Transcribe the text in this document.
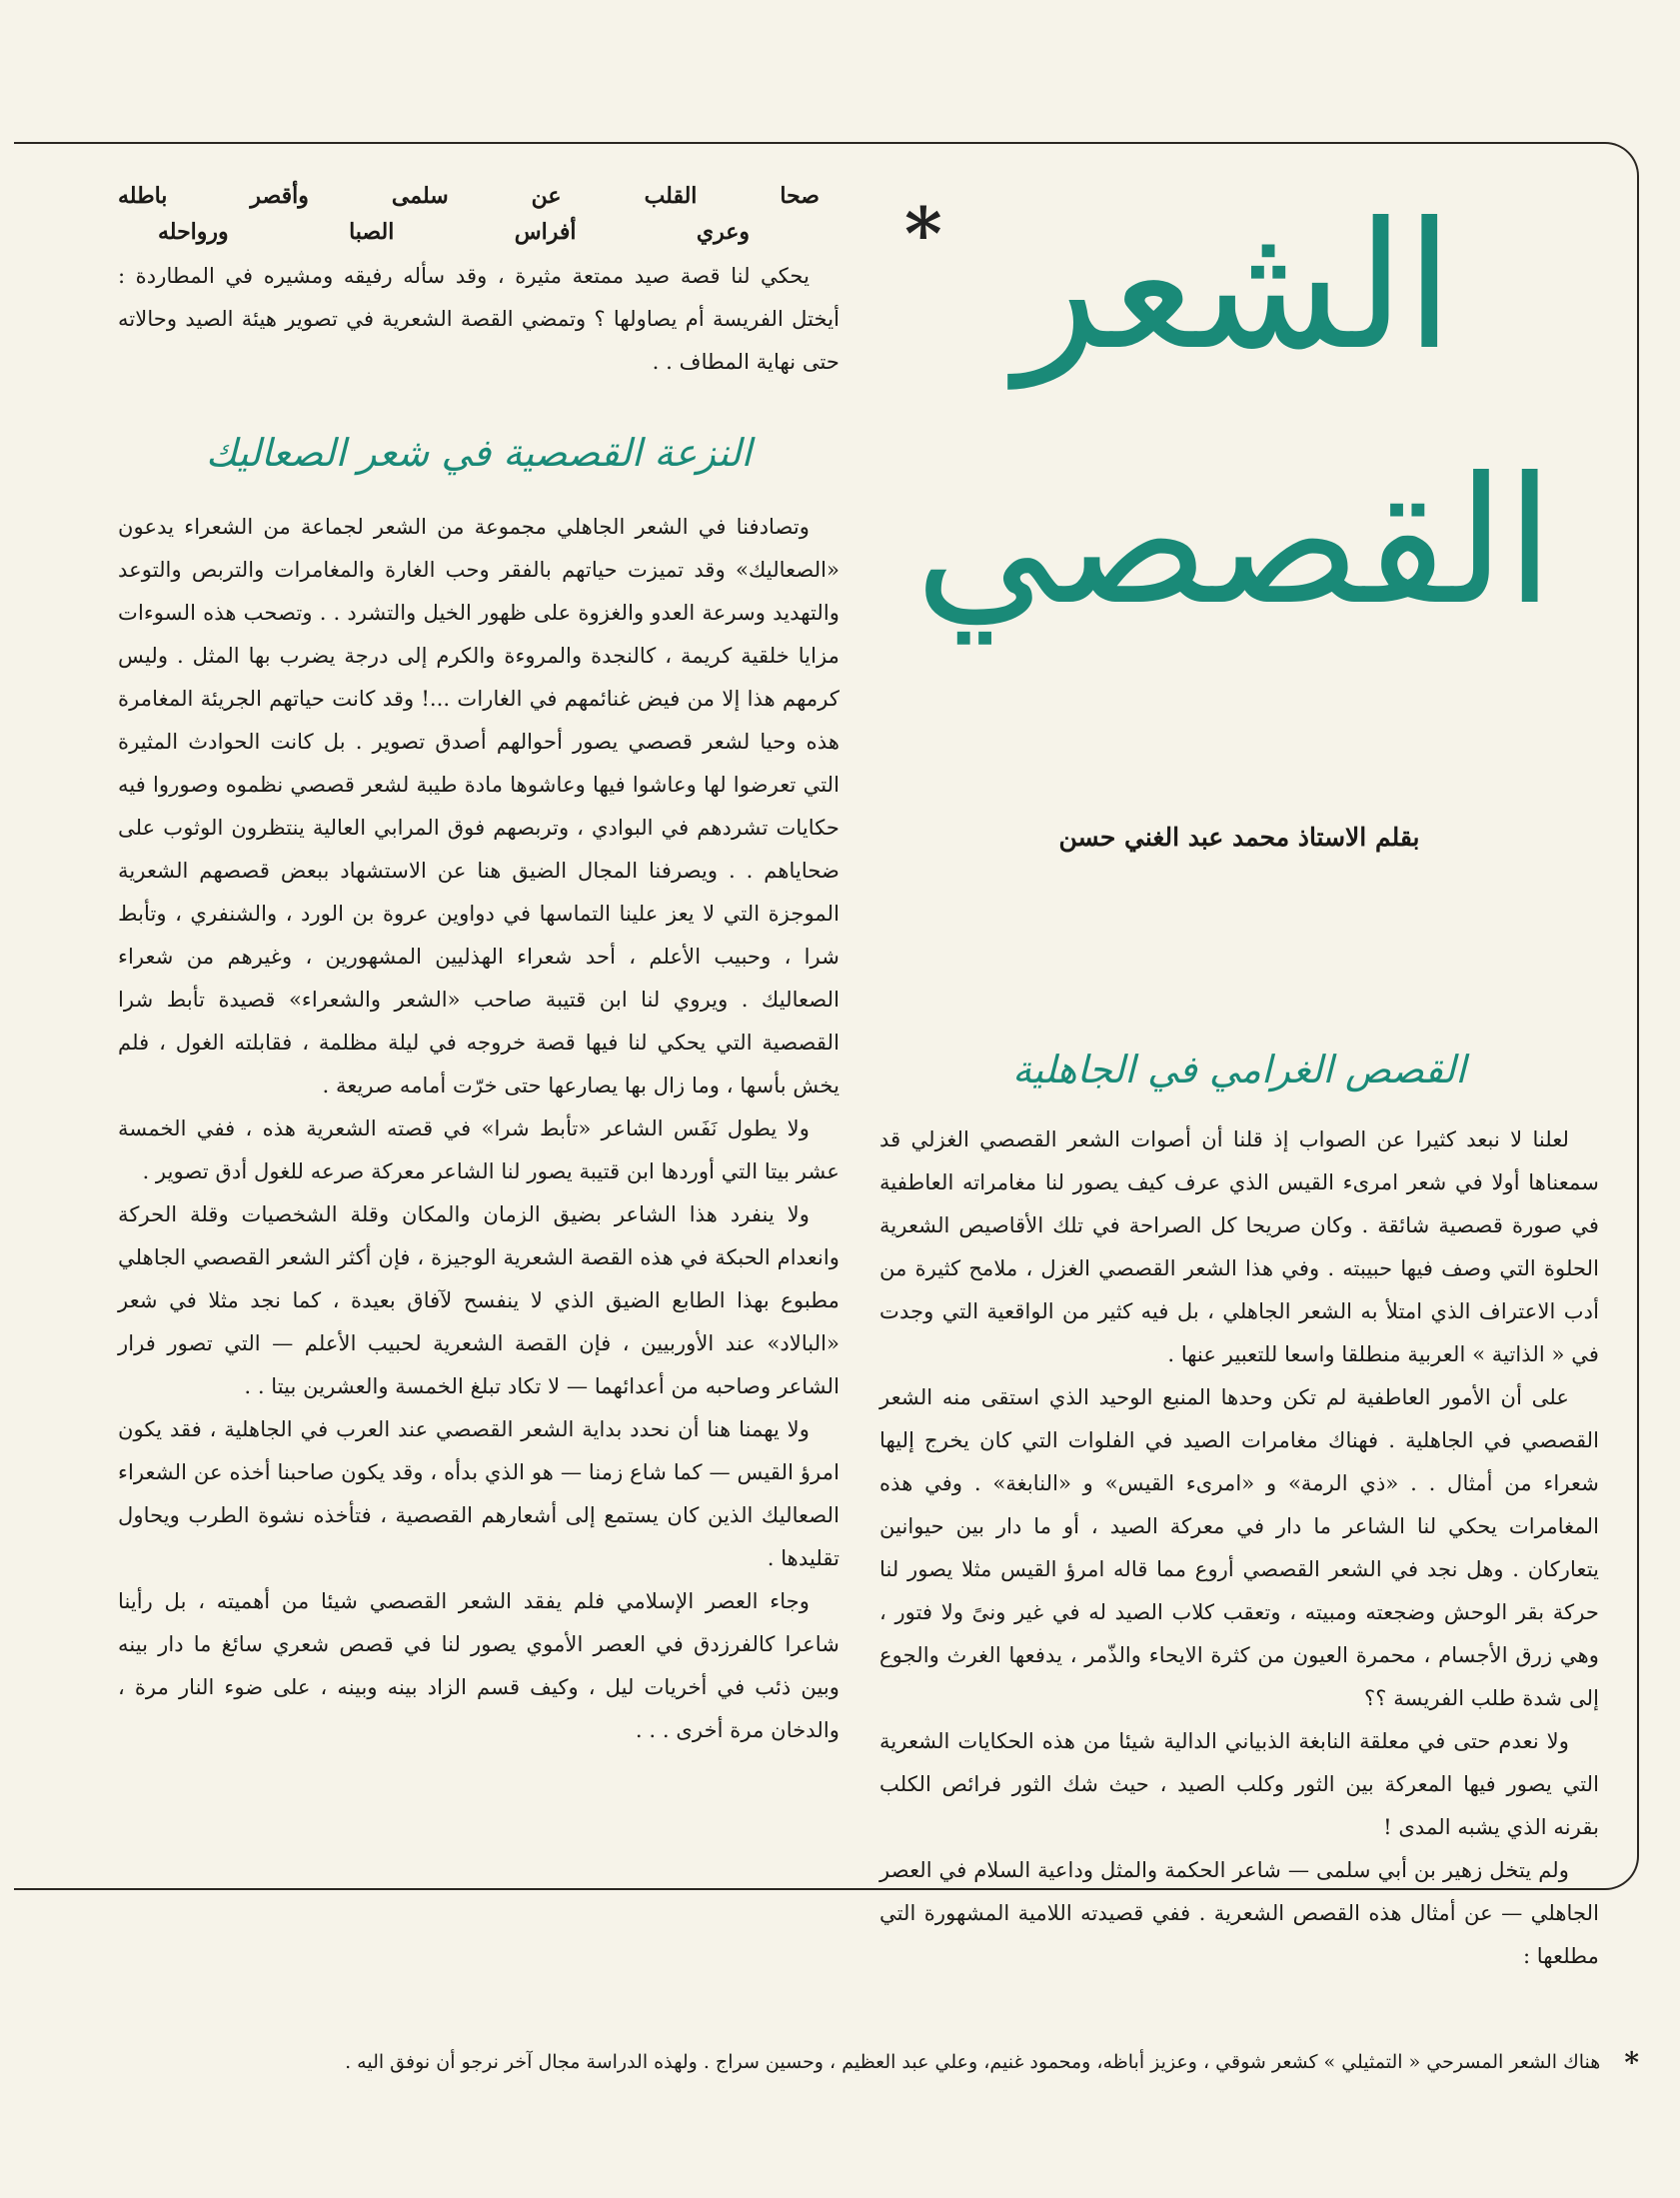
صحا القلب عن سلمى وأقصر باطله
وعري أفراس الصبا ورواحله

يحكي لنا قصة صيد ممتعة مثيرة ، وقد سأله رفيقه ومشيره في المطاردة : أيختل الفريسة أم يصاولها ؟ وتمضي القصة الشعرية في تصوير هيئة الصيد وحالاته حتى نهاية المطاف . .

النزعة القصصية في شعر الصعاليك

وتصادفنا في الشعر الجاهلي مجموعة من الشعر لجماعة من الشعراء يدعون «الصعاليك» وقد تميزت حياتهم بالفقر وحب الغارة والمغامرات والتربص والتوعد والتهديد وسرعة العدو والغزوة على ظهور الخيل والتشرد . . وتصحب هذه السوءات مزايا خلقية كريمة ، كالنجدة والمروءة والكرم إلى درجة يضرب بها المثل . وليس كرمهم هذا إلا من فيض غنائمهم في الغارات ...! وقد كانت حياتهم الجريئة المغامرة هذه وحيا لشعر قصصي يصور أحوالهم أصدق تصوير . بل كانت الحوادث المثيرة التي تعرضوا لها وعاشوا فيها وعاشوها مادة طيبة لشعر قصصي نظموه وصوروا فيه حكايات تشردهم في البوادي ، وتربصهم فوق المرابي العالية ينتظرون الوثوب على ضحاياهم . . ويصرفنا المجال الضيق هنا عن الاستشهاد ببعض قصصهم الشعرية الموجزة التي لا يعز علينا التماسها في دواوين عروة بن الورد ، والشنفري ، وتأبط شرا ، وحبيب الأعلم ، أحد شعراء الهذليين المشهورين ، وغيرهم من شعراء الصعاليك . ويروي لنا ابن قتيبة صاحب «الشعر والشعراء» قصيدة تأبط شرا القصصية التي يحكي لنا فيها قصة خروجه في ليلة مظلمة ، فقابلته الغول ، فلم يخش بأسها ، وما زال بها يصارعها حتى خرّت أمامه صريعة .

ولا يطول نَفَس الشاعر «تأبط شرا» في قصته الشعرية هذه ، ففي الخمسة عشر بيتا التي أوردها ابن قتيبة يصور لنا الشاعر معركة صرعه للغول أدق تصوير .

ولا ينفرد هذا الشاعر بضيق الزمان والمكان وقلة الشخصيات وقلة الحركة وانعدام الحبكة في هذه القصة الشعرية الوجيزة ، فإن أكثر الشعر القصصي الجاهلي مطبوع بهذا الطابع الضيق الذي لا ينفسح لآفاق بعيدة ، كما نجد مثلا في شعر «البالاد» عند الأوربيين ، فإن القصة الشعرية لحبيب الأعلم — التي تصور فرار الشاعر وصاحبه من أعدائهما — لا تكاد تبلغ الخمسة والعشرين بيتا . .

ولا يهمنا هنا أن نحدد بداية الشعر القصصي عند العرب في الجاهلية ، فقد يكون امرؤ القيس — كما شاع زمنا — هو الذي بدأه ، وقد يكون صاحبنا أخذه عن الشعراء الصعاليك الذين كان يستمع إلى أشعارهم القصصية ، فتأخذه نشوة الطرب ويحاول تقليدها .

وجاء العصر الإسلامي فلم يفقد الشعر القصصي شيئا من أهميته ، بل رأينا شاعرا كالفرزدق في العصر الأموي يصور لنا في قصص شعري سائغ ما دار بينه وبين ذئب في أخريات ليل ، وكيف قسم الزاد بينه وبينه ، على ضوء النار مرة ، والدخان مرة أخرى . . .

الشعر
القصصي
*
بقلم الاستاذ محمد عبد الغني حسن
القصص الغرامي في الجاهلية

لعلنا لا نبعد كثيرا عن الصواب إذ قلنا أن أصوات الشعر القصصي الغزلي قد سمعناها أولا في شعر امرىء القيس الذي عرف كيف يصور لنا مغامراته العاطفية في صورة قصصية شائقة . وكان صريحا كل الصراحة في تلك الأقاصيص الشعرية الحلوة التي وصف فيها حبيبته . وفي هذا الشعر القصصي الغزل ، ملامح كثيرة من أدب الاعتراف الذي امتلأ به الشعر الجاهلي ، بل فيه كثير من الواقعية التي وجدت في « الذاتية » العربية منطلقا واسعا للتعبير عنها .

على أن الأمور العاطفية لم تكن وحدها المنبع الوحيد الذي استقى منه الشعر القصصي في الجاهلية . فهناك مغامرات الصيد في الفلوات التي كان يخرج إليها شعراء من أمثال . . «ذي الرمة» و «امرىء القيس» و «النابغة» . وفي هذه المغامرات يحكي لنا الشاعر ما دار في معركة الصيد ، أو ما دار بين حيوانين يتعاركان . وهل نجد في الشعر القصصي أروع مما قاله امرؤ القيس مثلا يصور لنا حركة بقر الوحش وضجعته ومبيته ، وتعقب كلاب الصيد له في غير ونىً ولا فتور ، وهي زرق الأجسام ، محمرة العيون من كثرة الايحاء والذّمر ، يدفعها الغرث والجوع إلى شدة طلب الفريسة ؟؟

ولا نعدم حتى في معلقة النابغة الذبياني الدالية شيئا من هذه الحكايات الشعرية التي يصور فيها المعركة بين الثور وكلب الصيد ، حيث شك الثور فرائص الكلب بقرنه الذي يشبه المدى !

ولم يتخل زهير بن أبي سلمى — شاعر الحكمة والمثل وداعية السلام في العصر الجاهلي — عن أمثال هذه القصص الشعرية . ففي قصيدته اللامية المشهورة التي مطلعها :

* هناك الشعر المسرحي « التمثيلي » كشعر شوقي ، وعزيز أباظه، ومحمود غنيم، وعلي عبد العظيم ، وحسين سراج . ولهذه الدراسة مجال آخر نرجو أن نوفق اليه .
